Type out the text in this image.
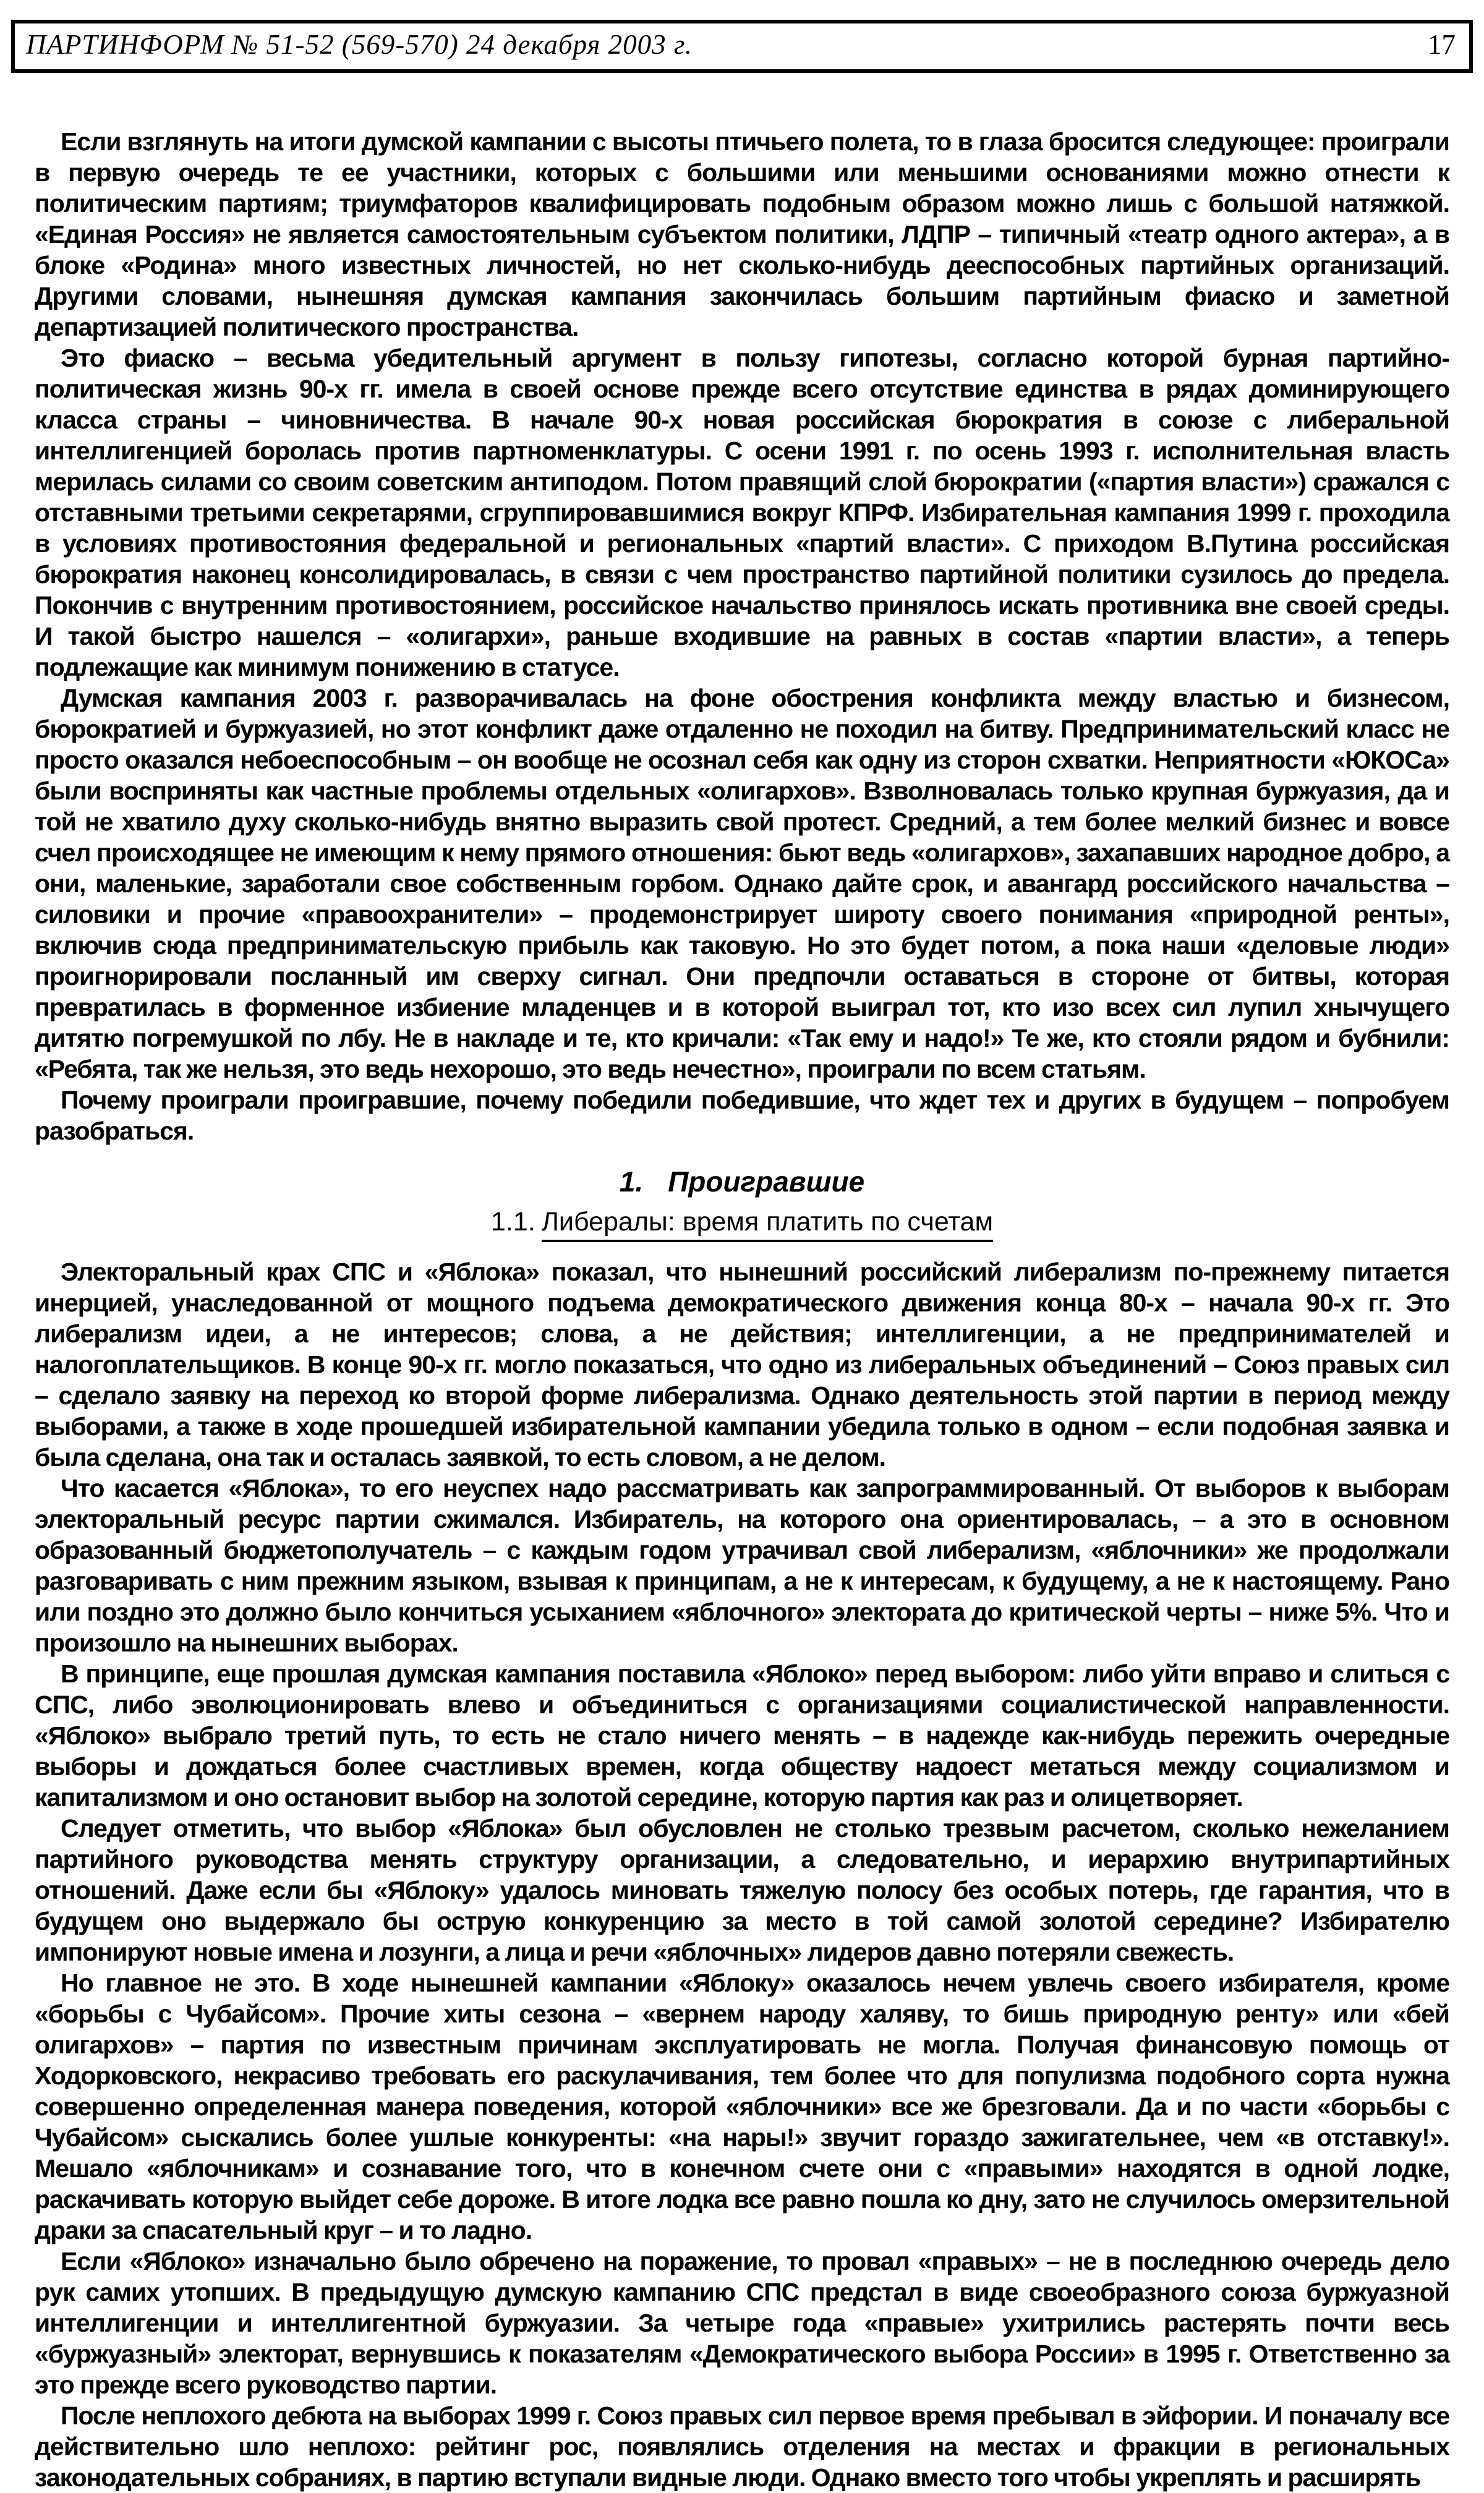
ПАРТИНФОРМ № 51-52 (569-570) 24 декабря 2003 г.	17

Если взглянуть на итоги думской кампании с высоты птичьего полета, то в глаза бросится следующее: проиграли в первую очередь те ее участники, которых с большими или меньшими основаниями можно отнести к политическим партиям; триумфаторов квалифицировать подобным образом можно лишь с большой натяжкой. «Единая Россия» не является самостоятельным субъектом политики, ЛДПР – типичный «театр одного актера», а в блоке «Родина» много известных личностей, но нет сколько-нибудь дееспособных партийных организаций. Другими словами, нынешняя думская кампания закончилась большим партийным фиаско и заметной департизацией политического пространства.

Это фиаско – весьма убедительный аргумент в пользу гипотезы, согласно которой бурная партийно-политическая жизнь 90-х гг. имела в своей основе прежде всего отсутствие единства в рядах доминирующего класса страны – чиновничества. В начале 90-х новая российская бюрократия в союзе с либеральной интеллигенцией боролась против партноменклатуры. С осени 1991 г. по осень 1993 г. исполнительная власть мерилась силами со своим советским антиподом. Потом правящий слой бюрократии («партия власти») сражался с отставными третьими секретарями, сгруппировавшимися вокруг КПРФ. Избирательная кампания 1999 г. проходила в условиях противостояния федеральной и региональных «партий власти». С приходом В.Путина российская бюрократия наконец консолидировалась, в связи с чем пространство партийной политики сузилось до предела. Покончив с внутренним противостоянием, российское начальство принялось искать противника вне своей среды. И такой быстро нашелся – «олигархи», раньше входившие на равных в состав «партии власти», а теперь подлежащие как минимум понижению в статусе.

Думская кампания 2003 г. разворачивалась на фоне обострения конфликта между властью и бизнесом, бюрократией и буржуазией, но этот конфликт даже отдаленно не походил на битву. Предпринимательский класс не просто оказался небоеспособным – он вообще не осознал себя как одну из сторон схватки. Неприятности «ЮКОСа» были восприняты как частные проблемы отдельных «олигархов». Взволновалась только крупная буржуазия, да и той не хватило духу сколько-нибудь внятно выразить свой протест. Средний, а тем более мелкий бизнес и вовсе счел происходящее не имеющим к нему прямого отношения: бьют ведь «олигархов», захапавших народное добро, а они, маленькие, заработали свое собственным горбом. Однако дайте срок, и авангард российского начальства – силовики и прочие «правоохранители» – продемонстрирует широту своего понимания «природной ренты», включив сюда предпринимательскую прибыль как таковую. Но это будет потом, а пока наши «деловые люди» проигнорировали посланный им сверху сигнал. Они предпочли оставаться в стороне от битвы, которая превратилась в форменное избиение младенцев и в которой выиграл тот, кто изо всех сил лупил хнычущего дитятю погремушкой по лбу. Не в накладе и те, кто кричали: «Так ему и надо!» Те же, кто стояли рядом и бубнили: «Ребята, так же нельзя, это ведь нехорошо, это ведь нечестно», проиграли по всем статьям.

Почему проиграли проигравшие, почему победили победившие, что ждет тех и других в будущем – попробуем разобраться.

1. Проигравшие
1.1. Либералы: время платить по счетам

Электоральный крах СПС и «Яблока» показал, что нынешний российский либерализм по-прежнему питается инерцией, унаследованной от мощного подъема демократического движения конца 80-х – начала 90-х гг. Это либерализм идеи, а не интересов; слова, а не действия; интеллигенции, а не предпринимателей и налогоплательщиков. В конце 90-х гг. могло показаться, что одно из либеральных объединений – Союз правых сил – сделало заявку на переход ко второй форме либерализма. Однако деятельность этой партии в период между выборами, а также в ходе прошедшей избирательной кампании убедила только в одном – если подобная заявка и была сделана, она так и осталась заявкой, то есть словом, а не делом.

Что касается «Яблока», то его неуспех надо рассматривать как запрограммированный. От выборов к выборам электоральный ресурс партии сжимался. Избиратель, на которого она ориентировалась, – а это в основном образованный бюджетополучатель – с каждым годом утрачивал свой либерализм, «яблочники» же продолжали разговаривать с ним прежним языком, взывая к принципам, а не к интересам, к будущему, а не к настоящему. Рано или поздно это должно было кончиться усыханием «яблочного» электората до критической черты – ниже 5%. Что и произошло на нынешних выборах.

В принципе, еще прошлая думская кампания поставила «Яблоко» перед выбором: либо уйти вправо и слиться с СПС, либо эволюционировать влево и объединиться с организациями социалистической направленности. «Яблоко» выбрало третий путь, то есть не стало ничего менять – в надежде как-нибудь пережить очередные выборы и дождаться более счастливых времен, когда обществу надоест метаться между социализмом и капитализмом и оно остановит выбор на золотой середине, которую партия как раз и олицетворяет.

Следует отметить, что выбор «Яблока» был обусловлен не столько трезвым расчетом, сколько нежеланием партийного руководства менять структуру организации, а следовательно, и иерархию внутрипартийных отношений. Даже если бы «Яблоку» удалось миновать тяжелую полосу без особых потерь, где гарантия, что в будущем оно выдержало бы острую конкуренцию за место в той самой золотой середине? Избирателю импонируют новые имена и лозунги, а лица и речи «яблочных» лидеров давно потеряли свежесть.

Но главное не это. В ходе нынешней кампании «Яблоку» оказалось нечем увлечь своего избирателя, кроме «борьбы с Чубайсом». Прочие хиты сезона – «вернем народу халяву, то бишь природную ренту» или «бей олигархов» – партия по известным причинам эксплуатировать не могла. Получая финансовую помощь от Ходорковского, некрасиво требовать его раскулачивания, тем более что для популизма подобного сорта нужна совершенно определенная манера поведения, которой «яблочники» все же брезговали. Да и по части «борьбы с Чубайсом» сыскались более ушлые конкуренты: «на нары!» звучит гораздо зажигательнее, чем «в отставку!». Мешало «яблочникам» и сознавание того, что в конечном счете они с «правыми» находятся в одной лодке, раскачивать которую выйдет себе дороже. В итоге лодка все равно пошла ко дну, зато не случилось омерзительной драки за спасательный круг – и то ладно.

Если «Яблоко» изначально было обречено на поражение, то провал «правых» – не в последнюю очередь дело рук самих утопших. В предыдущую думскую кампанию СПС предстал в виде своеобразного союза буржуазной интеллигенции и интеллигентной буржуазии. За четыре года «правые» ухитрились растерять почти весь «буржуазный» электорат, вернувшись к показателям «Демократического выбора России» в 1995 г. Ответственно за это прежде всего руководство партии.

После неплохого дебюта на выборах 1999 г. Союз правых сил первое время пребывал в эйфории. И поначалу все действительно шло неплохо: рейтинг рос, появлялись отделения на местах и фракции в региональных законодательных собраниях, в партию вступали видные люди. Однако вместо того чтобы укреплять и расширять
